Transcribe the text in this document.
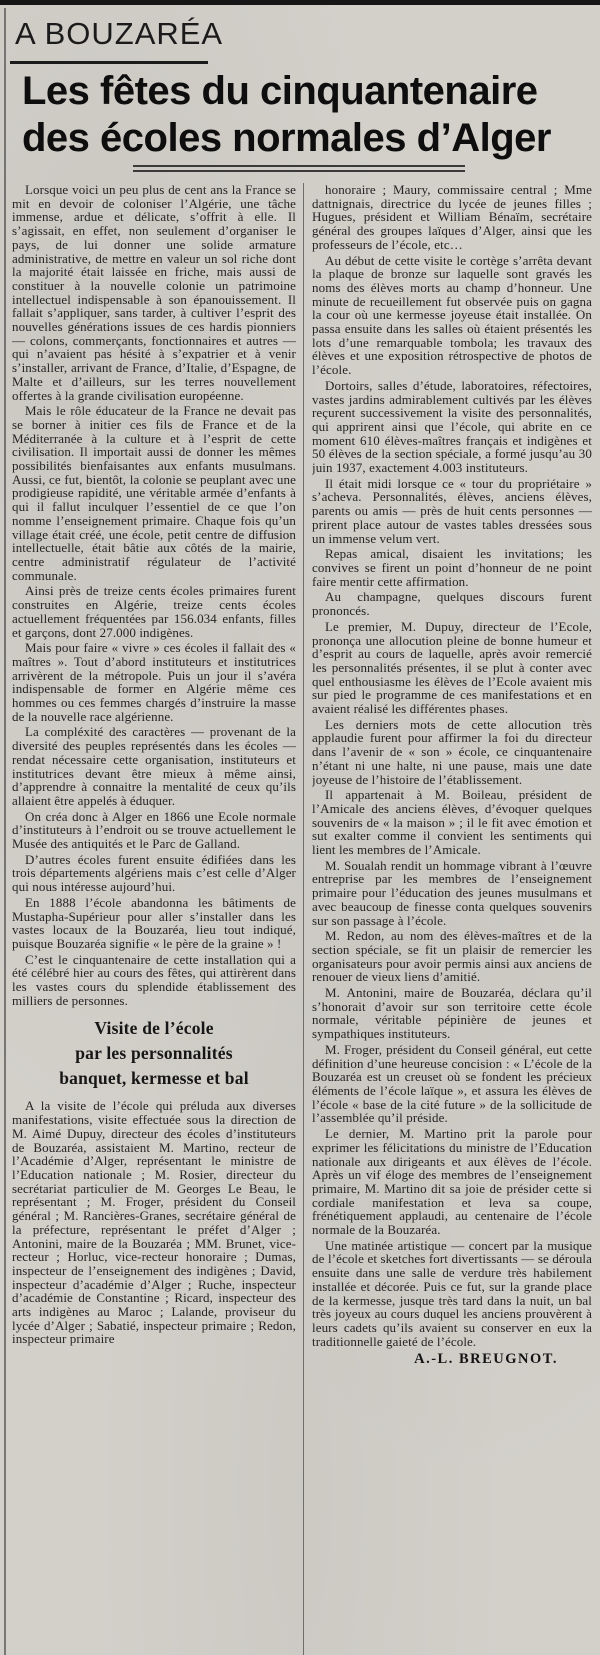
A BOUZARÉA
Les fêtes du cinquantenaire
des écoles normales d’Alger

Lorsque voici un peu plus de cent ans la France se mit en devoir de coloniser l’Algérie, une tâche immense, ardue et délicate, s’offrit à elle. Il s’agissait, en effet, non seulement d’organiser le pays, de lui donner une solide armature administrative, de mettre en valeur un sol riche dont la majorité était laissée en friche, mais aussi de constituer à la nouvelle colonie un patrimoine intellectuel indispensable à son épanouissement. Il fallait s’appliquer, sans tarder, à cultiver l’esprit des nouvelles générations issues de ces hardis pionniers — colons, commerçants, fonctionnaires et autres — qui n’avaient pas hésité à s’expatrier et à venir s’installer, arrivant de France, d’Italie, d’Espagne, de Malte et d’ailleurs, sur les terres nouvellement offertes à la grande civilisation européenne.

Mais le rôle éducateur de la France ne devait pas se borner à initier ces fils de France et de la Méditerranée à la culture et à l’esprit de cette civilisation. Il importait aussi de donner les mêmes possibilités bienfaisantes aux enfants musulmans. Aussi, ce fut, bientôt, la colonie se peuplant avec une prodigieuse rapidité, une véritable armée d’enfants à qui il fallut inculquer l’essentiel de ce que l’on nomme l’enseignement primaire. Chaque fois qu’un village était créé, une école, petit centre de diffusion intellectuelle, était bâtie aux côtés de la mairie, centre administratif régulateur de l’activité communale.

Ainsi près de treize cents écoles primaires furent construites en Algérie, treize cents écoles actuellement fréquentées par 156.034 enfants, filles et garçons, dont 27.000 indigènes.

Mais pour faire « vivre » ces écoles il fallait des « maîtres ». Tout d’abord instituteurs et institutrices arrivèrent de la métropole. Puis un jour il s’avéra indispensable de former en Algérie même ces hommes ou ces femmes chargés d’instruire la masse de la nouvelle race algérienne.

La compléxité des caractères — provenant de la diversité des peuples représentés dans les écoles — rendat nécessaire cette organisation, instituteurs et institutrices devant être mieux à même ainsi, d’apprendre à connaitre la mentalité de ceux qu’ils allaient être appelés à éduquer.

On créa donc à Alger en 1866 une Ecole normale d’instituteurs à l’endroit ou se trouve actuellement le Musée des antiquités et le Parc de Galland.

D’autres écoles furent ensuite édifiées dans les trois départements algériens mais c’est celle d’Alger qui nous intéresse aujourd’hui.

En 1888 l’école abandonna les bâtiments de Mustapha-Supérieur pour aller s’installer dans les vastes locaux de la Bouzaréa, lieu tout indiqué, puisque Bouzaréa signifie « le père de la graine » !

C’est le cinquantenaire de cette installation qui a été célébré hier au cours des fêtes, qui attirèrent dans les vastes cours du splendide établissement des milliers de personnes.

Visite de l’école
par les personnalités
banquet, kermesse et bal

A la visite de l’école qui préluda aux diverses manifestations, visite effectuée sous la direction de M. Aimé Dupuy, directeur des écoles d’instituteurs de Bouzaréa, assistaient M. Martino, recteur de l’Académie d’Alger, représentant le ministre de l’Education nationale ; M. Rosier, directeur du secrétariat particulier de M. Georges Le Beau, le représentant ; M. Froger, président du Conseil général ; M. Rancières-Granes, secrétaire général de la préfecture, représentant le préfet d’Alger ; Antonini, maire de la Bouzaréa ; MM. Brunet, vice-recteur ; Horluc, vice-recteur honoraire ; Dumas, inspecteur de l’enseignement des indigènes ; David, inspecteur d’académie d’Alger ; Ruche, inspecteur d’académie de Constantine ; Ricard, inspecteur des arts indigènes au Maroc ; Lalande, proviseur du lycée d’Alger ; Sabatié, inspecteur primaire ; Redon, inspecteur primaire

honoraire ; Maury, commissaire central ; Mme dattnignais, directrice du lycée de jeunes filles ; Hugues, président et William Bénaïm, secrétaire général des groupes laïques d’Alger, ainsi que les professeurs de l’école, etc…

Au début de cette visite le cortège s’arrêta devant la plaque de bronze sur laquelle sont gravés les noms des élèves morts au champ d’honneur. Une minute de recueillement fut observée puis on gagna la cour où une kermesse joyeuse était installée. On passa ensuite dans les salles où étaient présentés les lots d’une remarquable tombola; les travaux des élèves et une exposition rétrospective de photos de l’école.

Dortoirs, salles d’étude, laboratoires, réfectoires, vastes jardins admirablement cultivés par les élèves reçurent successivement la visite des personnalités, qui apprirent ainsi que l’école, qui abrite en ce moment 610 élèves-maîtres français et indigènes et 50 élèves de la section spéciale, a formé jusqu’au 30 juin 1937, exactement 4.003 instituteurs.

Il était midi lorsque ce « tour du propriétaire » s’acheva. Personnalités, élèves, anciens élèves, parents ou amis — près de huit cents personnes — prirent place autour de vastes tables dressées sous un immense velum vert.

Repas amical, disaient les invitations; les convives se firent un point d’honneur de ne point faire mentir cette affirmation.

Au champagne, quelques discours furent prononcés.

Le premier, M. Dupuy, directeur de l’Ecole, prononça une allocution pleine de bonne humeur et d’esprit au cours de laquelle, après avoir remercié les personnalités présentes, il se plut à conter avec quel enthousiasme les élèves de l’Ecole avaient mis sur pied le programme de ces manifestations et en avaient réalisé les différentes phases.

Les derniers mots de cette allocution très applaudie furent pour affirmer la foi du directeur dans l’avenir de « son » école, ce cinquantenaire n’étant ni une halte, ni une pause, mais une date joyeuse de l’histoire de l’établissement.

Il appartenait à M. Boileau, président de l’Amicale des anciens élèves, d’évoquer quelques souvenirs de « la maison » ; il le fit avec émotion et sut exalter comme il convient les sentiments qui lient les membres de l’Amicale.

M. Soualah rendit un hommage vibrant à l’œuvre entreprise par les membres de l’enseignement primaire pour l’éducation des jeunes musulmans et avec beaucoup de finesse conta quelques souvenirs sur son passage à l’école.

M. Redon, au nom des élèves-maîtres et de la section spéciale, se fit un plaisir de remercier les organisateurs pour avoir permis ainsi aux anciens de renouer de vieux liens d’amitié.

M. Antonini, maire de Bouzaréa, déclara qu’il s’honorait d’avoir sur son territoire cette école normale, véritable pépinière de jeunes et sympathiques instituteurs.

M. Froger, président du Conseil général, eut cette définition d’une heureuse concision : « L’école de la Bouzaréa est un creuset où se fondent les précieux éléments de l’école laïque », et assura les élèves de l’école « base de la cité future » de la sollicitude de l’assemblée qu’il préside.

Le dernier, M. Martino prit la parole pour exprimer les félicitations du ministre de l’Education nationale aux dirigeants et aux élèves de l’école. Après un vif éloge des membres de l’enseignement primaire, M. Martino dit sa joie de présider cette si cordiale manifestation et leva sa coupe, frénétiquement applaudi, au centenaire de l’école normale de la Bouzaréa.

Une matinée artistique — concert par la musique de l’école et sketches fort divertissants — se déroula ensuite dans une salle de verdure très habilement installée et décorée. Puis ce fut, sur la grande place de la kermesse, jusque très tard dans la nuit, un bal très joyeux au cours duquel les anciens prouvèrent à leurs cadets qu’ils avaient su conserver en eux la traditionnelle gaieté de l’école.

A.-L. BREUGNOT.
